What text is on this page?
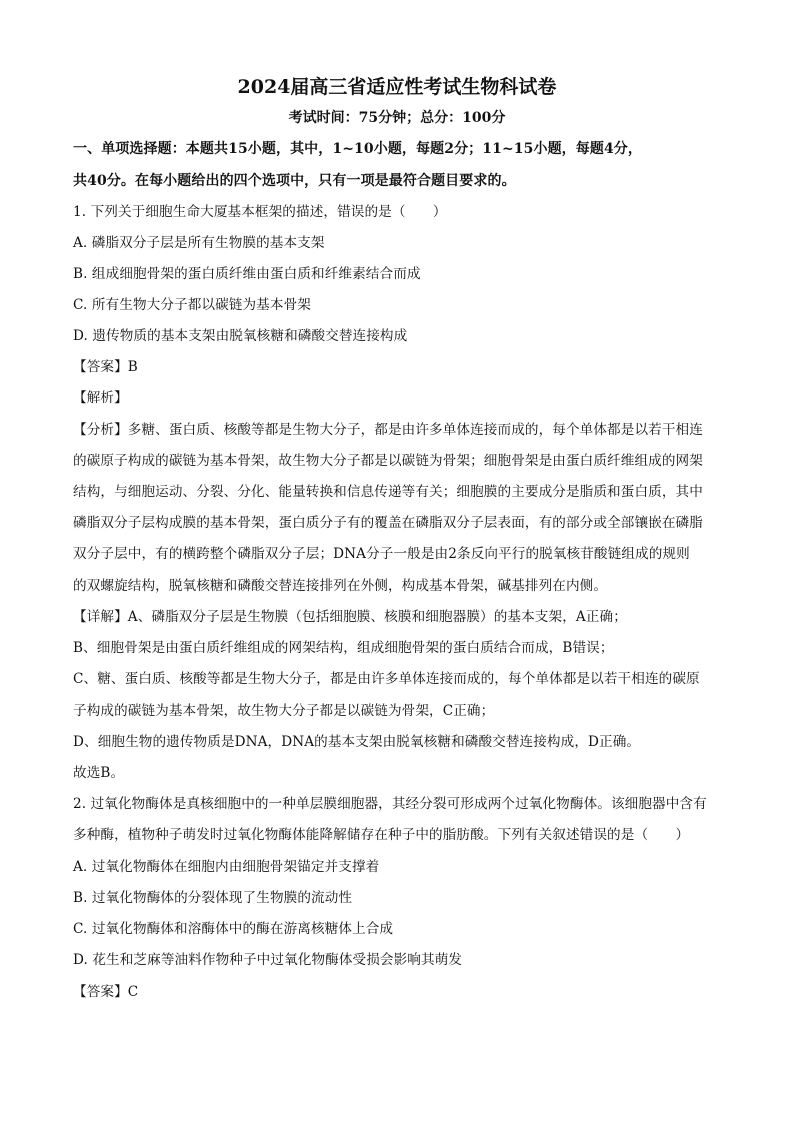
2024届高三省适应性考试生物科试卷
考试时间：75分钟；总分：100分
一、单项选择题：本题共15小题，其中，1~10小题，每题2分；11~15小题，每题4分，
共40分。在每小题给出的四个选项中，只有一项是最符合题目要求的。
1. 下列关于细胞生命大厦基本框架的描述，错误的是（　　）
A. 磷脂双分子层是所有生物膜的基本支架
B. 组成细胞骨架的蛋白质纤维由蛋白质和纤维素结合而成
C. 所有生物大分子都以碳链为基本骨架
D. 遗传物质的基本支架由脱氧核糖和磷酸交替连接构成
【答案】B
【解析】
【分析】多糖、蛋白质、核酸等都是生物大分子，都是由许多单体连接而成的，每个单体都是以若干相连
的碳原子构成的碳链为基本骨架，故生物大分子都是以碳链为骨架；细胞骨架是由蛋白质纤维组成的网架
结构，与细胞运动、分裂、分化、能量转换和信息传递等有关；细胞膜的主要成分是脂质和蛋白质，其中
磷脂双分子层构成膜的基本骨架，蛋白质分子有的覆盖在磷脂双分子层表面，有的部分或全部镶嵌在磷脂
双分子层中，有的横跨整个磷脂双分子层；DNA分子一般是由2条反向平行的脱氧核苷酸链组成的规则
的双螺旋结构，脱氧核糖和磷酸交替连接排列在外侧，构成基本骨架，碱基排列在内侧。
【详解】A、磷脂双分子层是生物膜（包括细胞膜、核膜和细胞器膜）的基本支架，A正确；
B、细胞骨架是由蛋白质纤维组成的网架结构，组成细胞骨架的蛋白质结合而成，B错误；
C、糖、蛋白质、核酸等都是生物大分子，都是由许多单体连接而成的，每个单体都是以若干相连的碳原
子构成的碳链为基本骨架，故生物大分子都是以碳链为骨架，C正确；
D、细胞生物的遗传物质是DNA，DNA的基本支架由脱氧核糖和磷酸交替连接构成，D正确。
故选B。
2. 过氧化物酶体是真核细胞中的一种单层膜细胞器，其经分裂可形成两个过氧化物酶体。该细胞器中含有
多种酶，植物种子萌发时过氧化物酶体能降解储存在种子中的脂肪酸。下列有关叙述错误的是（　　）
A. 过氧化物酶体在细胞内由细胞骨架锚定并支撑着
B. 过氧化物酶体的分裂体现了生物膜的流动性
C. 过氧化物酶体和溶酶体中的酶在游离核糖体上合成
D. 花生和芝麻等油料作物种子中过氧化物酶体受损会影响其萌发
【答案】C
